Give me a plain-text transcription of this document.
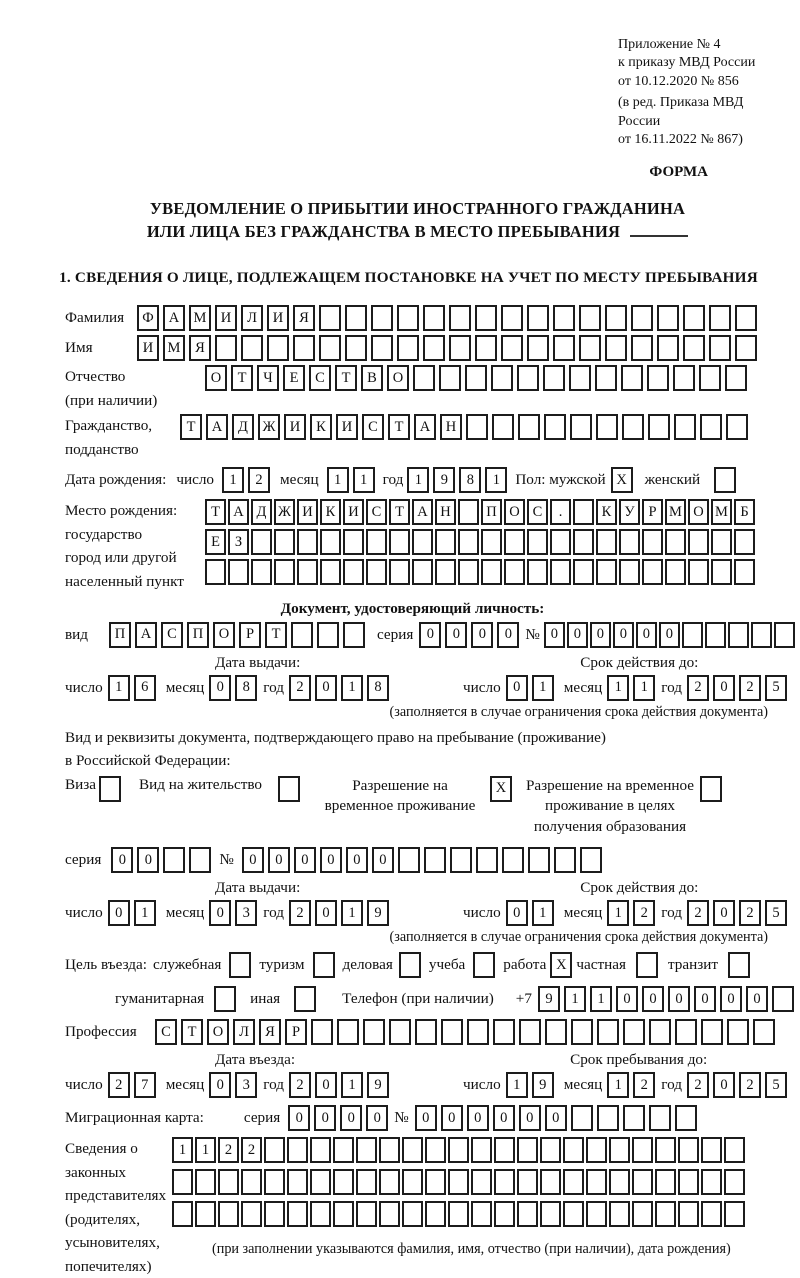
Приложение № 4
к приказу МВД России
от 10.12.2020 № 856
(в ред. Приказа МВД России
от 16.11.2022 № 867)
ФОРМА
УВЕДОМЛЕНИЕ О ПРИБЫТИИ ИНОСТРАННОГО ГРАЖДАНИНА
ИЛИ ЛИЦА БЕЗ ГРАЖДАНСТВА В МЕСТО ПРЕБЫВАНИЯ
1. СВЕДЕНИЯ О ЛИЦЕ, ПОДЛЕЖАЩЕМ ПОСТАНОВКЕ НА УЧЕТ ПО МЕСТУ ПРЕБЫВАНИЯ
Фамилия	Ф	А М И	Л	И	Я
Имя	И М	Я
Отчество
(при наличии)
О	Т	Ч	Е	С	Т	В	О
Гражданство,
подданство
Т	А	Д	Ж И	К	И	С	Т	А	Н
Дата рождения: число	1	2	месяц	1	1	год 1	9	8	1	Пол: мужской X	женский
Место рождения:
государство
город или другой
населенный пункт
Т А Д Ж И К И С Т А Н	П О С	.	К У Р М О М Б
Е	З
Документ, удостоверяющий личность:
вид	П	А	С	П	О	Р	Т	серия 0	0	0	0 № 0	0	0	0	0	0
Дата выдачи:	Срок действия до:
число 1	6	месяц 0	8 год 2	0	1	8	число 0	1	месяц 1	1 год 2	0	2	5
(заполняется в случае ограничения срока действия документа)
Вид и реквизиты документа, подтверждающего право на пребывание (проживание)
в Российской Федерации:
Виза	Вид на жительство	Разрешение на временное проживание
X	Разрешение на временное проживание в целях получения образования
серия	0	0	№	0	0	0	0	0	0
Дата выдачи:	Срок действия до:
число 0	1	месяц 0	3 год 2	0	1	9	число 0	1	месяц 1	2 год 2	0	2	5
(заполняется в случае ограничения срока действия документа)
Цель въезда: служебная	туризм	деловая учеба	работа X частная	транзит
гуманитарная	иная	Телефон (при наличии) +7 9	1	1	0	0	0	0	0	0
Профессия	С	Т	О	Л	Я	Р
Дата въезда:	Срок пребывания до:
число 2	7	месяц 0	3 год 2	0	1	9	число 1	9	месяц 1	2 год 2	0	2	5
Миграционная карта:	серия	0	0	0	0 № 0	0	0	0	0	0
Сведения о
законных
представителях
(родителях,
усыновителях,
попечителях)
1	1	2	2
(при заполнении указываются фамилия, имя, отчество (при наличии), дата рождения)
